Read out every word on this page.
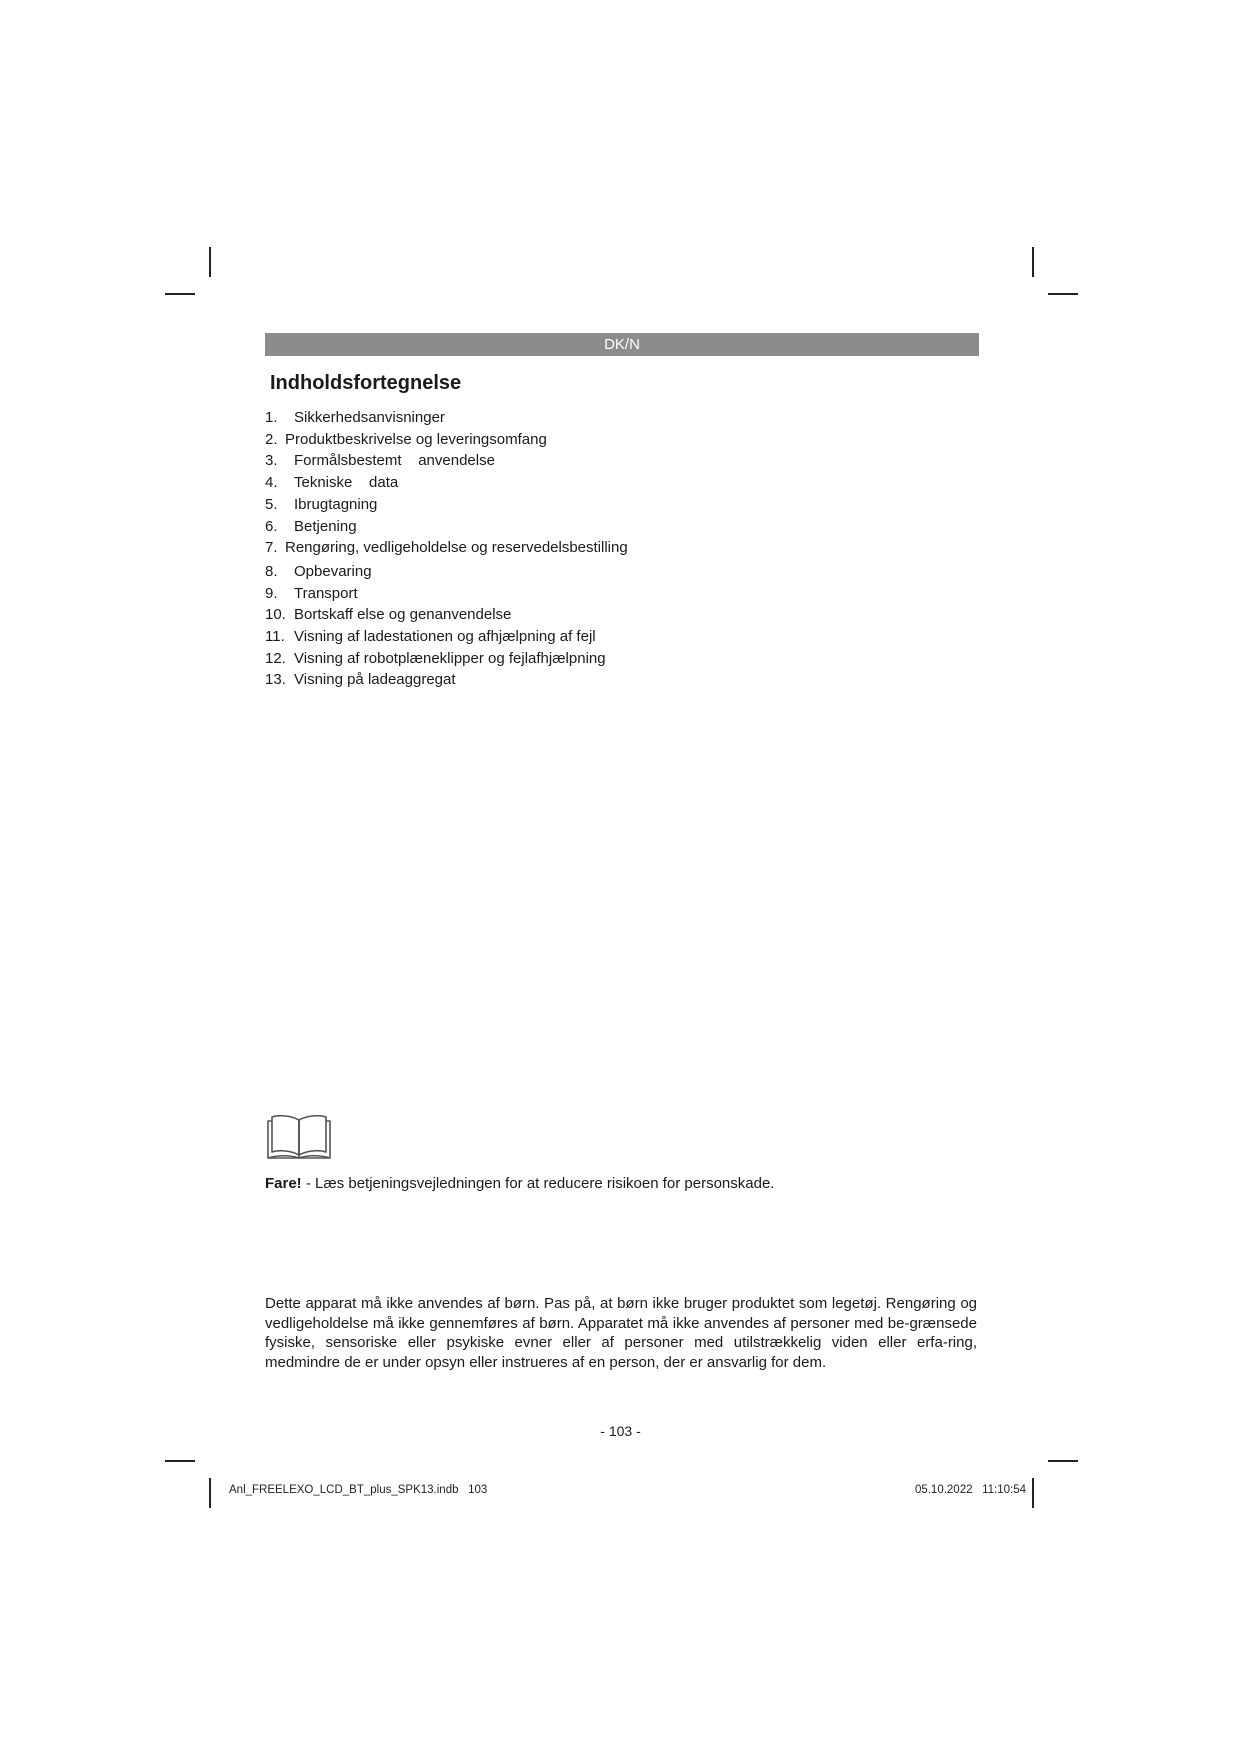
DK/N
Indholdsfortegnelse
1.	Sikkerhedsanvisninger
2. Produktbeskrivelse og leveringsomfang
3.	Formålsbestemt    anvendelse
4.	Tekniske    data
5.	Ibrugtagning
6.	Betjening
7. Rengøring, vedligeholdelse og reservedelsbestilling
8.	Opbevaring
9.	Transport
10. Bortskaff else og genanvendelse
11. Visning af ladestationen og afhjælpning af fejl
12. Visning af robotplæneklipper og fejlafhjælpning
13. Visning på ladeaggregat
Fare! - Læs betjeningsvejledningen for at reducere risikoen for personskade.

Dette apparat må ikke anvendes af børn. Pas på, at børn ikke bruger produktet som legetøj. Rengøring og vedligeholdelse må ikke gennemføres af børn. Apparatet må ikke anvendes af personer med be-grænsede fysiske, sensoriske eller psykiske evner eller af personer med utilstrækkelig viden eller erfa-ring, medmindre de er under opsyn eller instrueres af en person, der er ansvarlig for dem.

- 103 -
Anl_FREELEXO_LCD_BT_plus_SPK13.indb   103	05.10.2022   11:10:54
